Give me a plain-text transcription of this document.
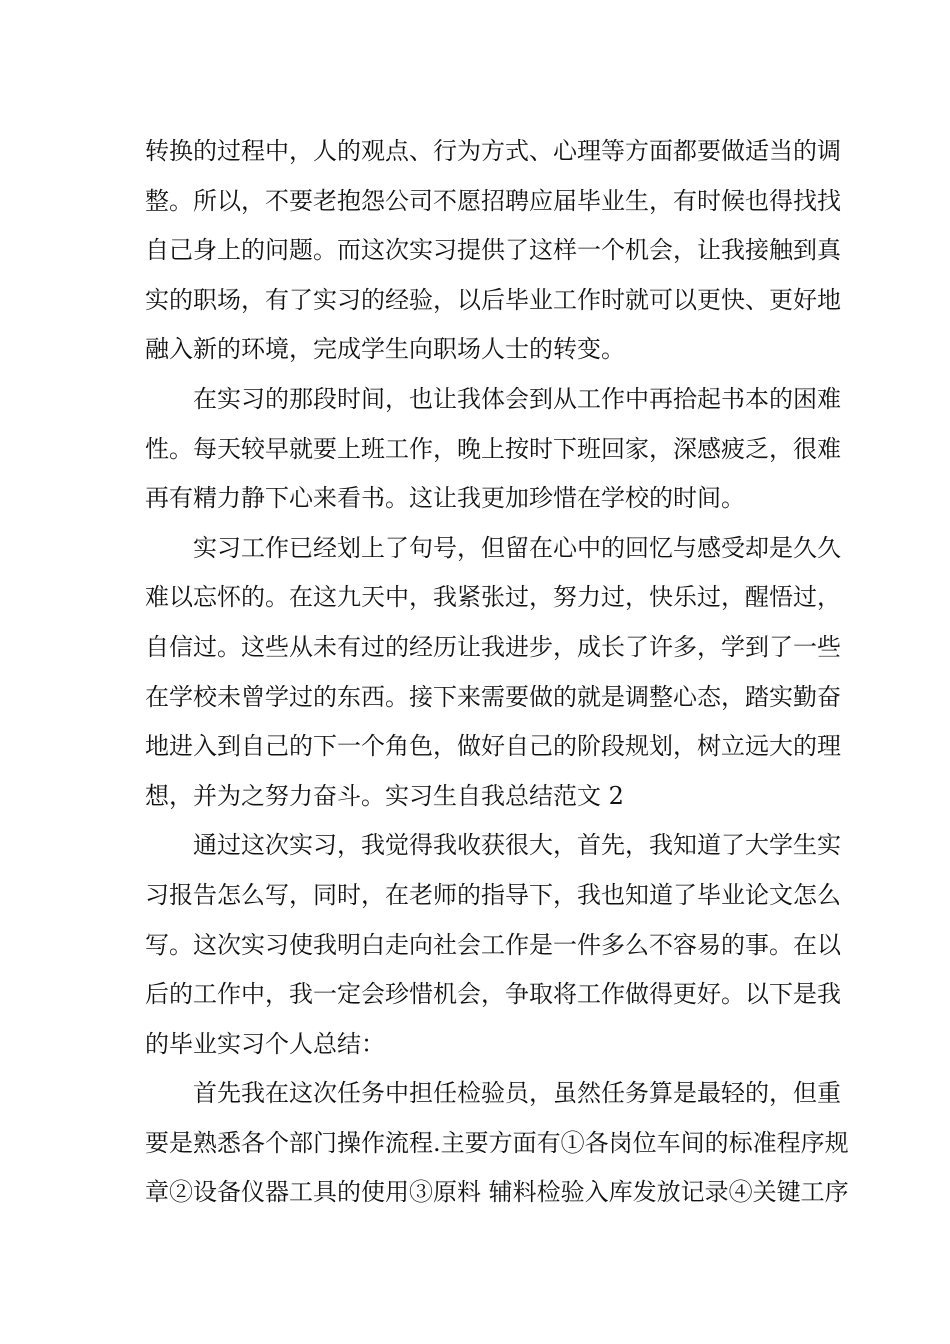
转换的过程中，人的观点、行为方式、心理等方面都要做适当的调
整。所以，不要老抱怨公司不愿招聘应届毕业生，有时候也得找找
自己身上的问题。而这次实习提供了这样一个机会，让我接触到真
实的职场，有了实习的经验，以后毕业工作时就可以更快、更好地
融入新的环境，完成学生向职场人士的转变。
在实习的那段时间，也让我体会到从工作中再拾起书本的困难
性。每天较早就要上班工作，晚上按时下班回家，深感疲乏，很难
再有精力静下心来看书。这让我更加珍惜在学校的时间。
实习工作已经划上了句号，但留在心中的回忆与感受却是久久
难以忘怀的。在这九天中，我紧张过，努力过，快乐过，醒悟过，
自信过。这些从未有过的经历让我进步，成长了许多，学到了一些
在学校未曾学过的东西。接下来需要做的就是调整心态，踏实勤奋
地进入到自己的下一个角色，做好自己的阶段规划，树立远大的理
想，并为之努力奋斗。实习生自我总结范文 2
通过这次实习，我觉得我收获很大，首先，我知道了大学生实
习报告怎么写，同时，在老师的指导下，我也知道了毕业论文怎么
写。这次实习使我明白走向社会工作是一件多么不容易的事。在以
后的工作中，我一定会珍惜机会，争取将工作做得更好。以下是我
的毕业实习个人总结：
首先我在这次任务中担任检验员，虽然任务算是最轻的，但重
要是熟悉各个部门操作流程.主要方面有①各岗位车间的标准程序规
章②设备仪器工具的使用③原料 辅料检验入库发放记录④关键工序
